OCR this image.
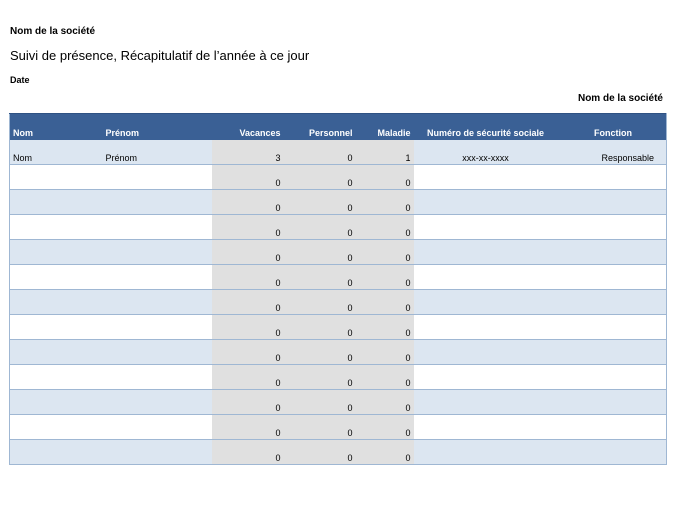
Nom de la société
Suivi de présence, Récapitulatif de l’année à ce jour
Date
Nom de la société
Nom	Prénom	Vacances	Personnel	Maladie	Numéro de sécurité sociale	Fonction
Nom	Prénom	3	0	1	xxx-xx-xxxx	Responsable
		0	0	0		
		0	0	0		
		0	0	0		
		0	0	0		
		0	0	0		
		0	0	0		
		0	0	0		
		0	0	0		
		0	0	0		
		0	0	0		
		0	0	0		
		0	0	0		
